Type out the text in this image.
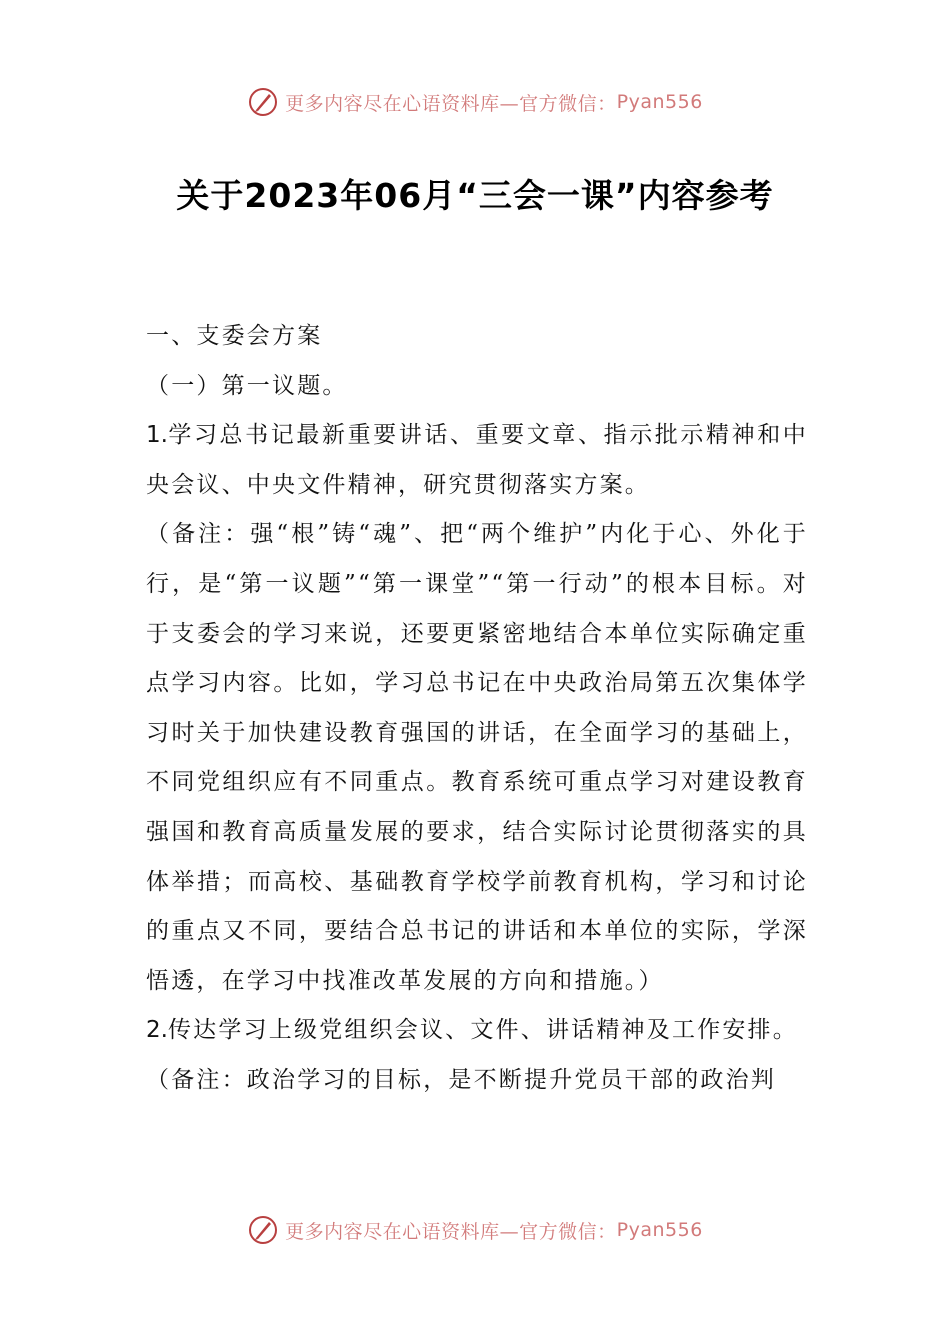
更多内容尽在心语资料库—官方微信： Pyan556
关于2023年06月“三会一课”内容参考

一、支委会方案

（一）第一议题。

1.学习总书记最新重要讲话、重要文章、指示批示精神和中央会议、中央文件精神，研究贯彻落实方案。

（备注：强“根”铸“魂”、把“两个维护”内化于心、外化于行，是“第一议题”“第一课堂”“第一行动”的根本目标。对于支委会的学习来说，还要更紧密地结合本单位实际确定重点学习内容。比如，学习总书记在中央政治局第五次集体学习时关于加快建设教育强国的讲话，在全面学习的基础上，不同党组织应有不同重点。教育系统可重点学习对建设教育强国和教育高质量发展的要求，结合实际讨论贯彻落实的具体举措；而高校、基础教育学校学前教育机构，学习和讨论的重点又不同，要结合总书记的讲话和本单位的实际，学深悟透，在学习中找准改革发展的方向和措施。）

2.传达学习上级党组织会议、文件、讲话精神及工作安排。

（备注：政治学习的目标，是不断提升党员干部的政治判

更多内容尽在心语资料库—官方微信： Pyan556
